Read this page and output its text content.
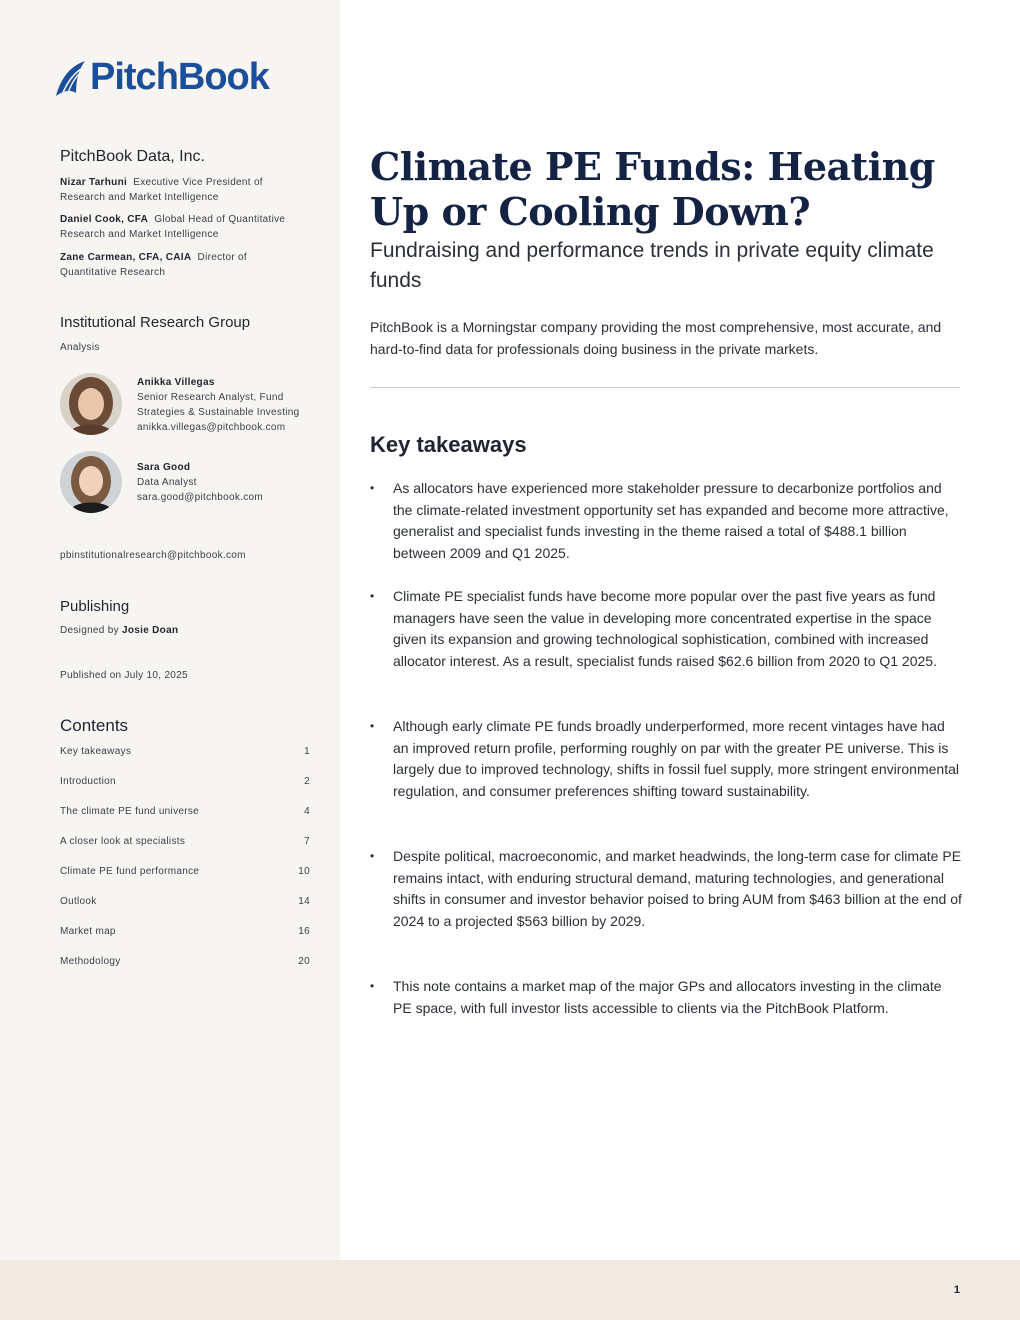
PitchBook
PitchBook Data, Inc.
Nizar Tarhuni Executive Vice President of Research and Market Intelligence
Daniel Cook, CFA Global Head of Quantitative Research and Market Intelligence
Zane Carmean, CFA, CAIA Director of Quantitative Research
Institutional Research Group
Analysis
Anikka Villegas
Senior Research Analyst, Fund Strategies & Sustainable Investing
anikka.villegas@pitchbook.com
Sara Good
Data Analyst
sara.good@pitchbook.com
pbinstitutionalresearch@pitchbook.com
Publishing
Designed by Josie Doan
Published on July 10, 2025
Contents
Key takeaways	1
Introduction	2
The climate PE fund universe	4
A closer look at specialists	7
Climate PE fund performance	10
Outlook	14
Market map	16
Methodology	20
Climate PE Funds: Heating Up or Cooling Down?
Fundraising and performance trends in private equity climate funds

PitchBook is a Morningstar company providing the most comprehensive, most accurate, and hard-to-find data for professionals doing business in the private markets.

Key takeaways
• As allocators have experienced more stakeholder pressure to decarbonize portfolios and the climate-related investment opportunity set has expanded and become more attractive, generalist and specialist funds investing in the theme raised a total of $488.1 billion between 2009 and Q1 2025.
• Climate PE specialist funds have become more popular over the past five years as fund managers have seen the value in developing more concentrated expertise in the space given its expansion and growing technological sophistication, combined with increased allocator interest. As a result, specialist funds raised $62.6 billion from 2020 to Q1 2025.
• Although early climate PE funds broadly underperformed, more recent vintages have had an improved return profile, performing roughly on par with the greater PE universe. This is largely due to improved technology, shifts in fossil fuel supply, more stringent environmental regulation, and consumer preferences shifting toward sustainability.
• Despite political, macroeconomic, and market headwinds, the long-term case for climate PE remains intact, with enduring structural demand, maturing technologies, and generational shifts in consumer and investor behavior poised to bring AUM from $463 billion at the end of 2024 to a projected $563 billion by 2029.
• This note contains a market map of the major GPs and allocators investing in the climate PE space, with full investor lists accessible to clients via the PitchBook Platform.
1
